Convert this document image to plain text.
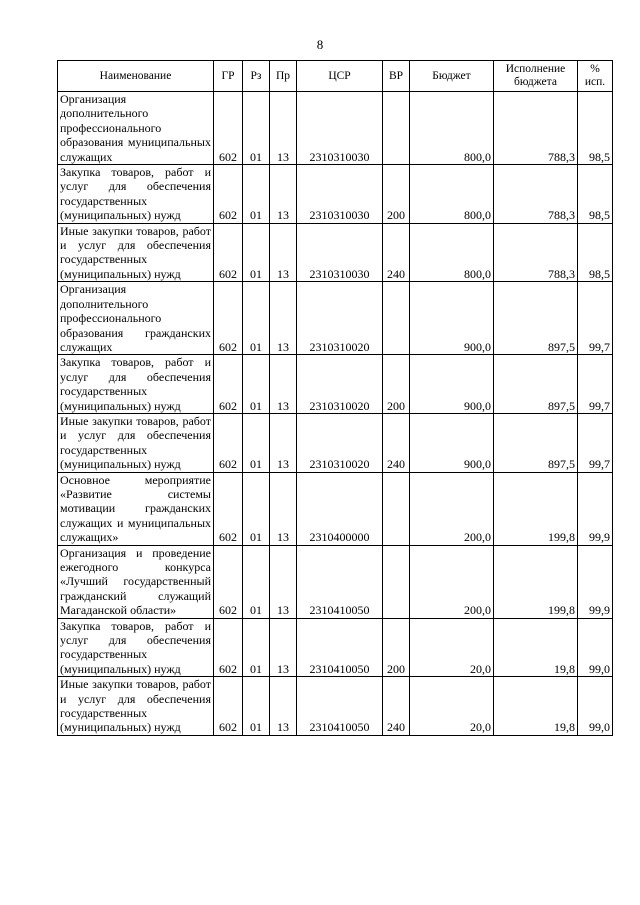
8
Наименование	ГР	Рз	Пр	ЦСР	ВР	Бюджет	Исполнение бюджета	% исп.
Организация дополнительного профессионального образования муниципальных служащих	602	01	13	2310310030		800,0	788,3	98,5
Закупка товаров, работ и услуг для обеспечения государственных (муниципальных) нужд	602	01	13	2310310030	200	800,0	788,3	98,5
Иные закупки товаров, работ и услуг для обеспечения государственных (муниципальных) нужд	602	01	13	2310310030	240	800,0	788,3	98,5
Организация дополнительного профессионального образования гражданских служащих	602	01	13	2310310020		900,0	897,5	99,7
Закупка товаров, работ и услуг для обеспечения государственных (муниципальных) нужд	602	01	13	2310310020	200	900,0	897,5	99,7
Иные закупки товаров, работ и услуг для обеспечения государственных (муниципальных) нужд	602	01	13	2310310020	240	900,0	897,5	99,7
Основное мероприятие «Развитие системы мотивации гражданских служащих и муниципальных служащих»	602	01	13	2310400000		200,0	199,8	99,9
Организация и проведение ежегодного конкурса «Лучший государственный гражданский служащий Магаданской области»	602	01	13	2310410050		200,0	199,8	99,9
Закупка товаров, работ и услуг для обеспечения государственных (муниципальных) нужд	602	01	13	2310410050	200	20,0	19,8	99,0
Иные закупки товаров, работ и услуг для обеспечения государственных (муниципальных) нужд	602	01	13	2310410050	240	20,0	19,8	99,0
